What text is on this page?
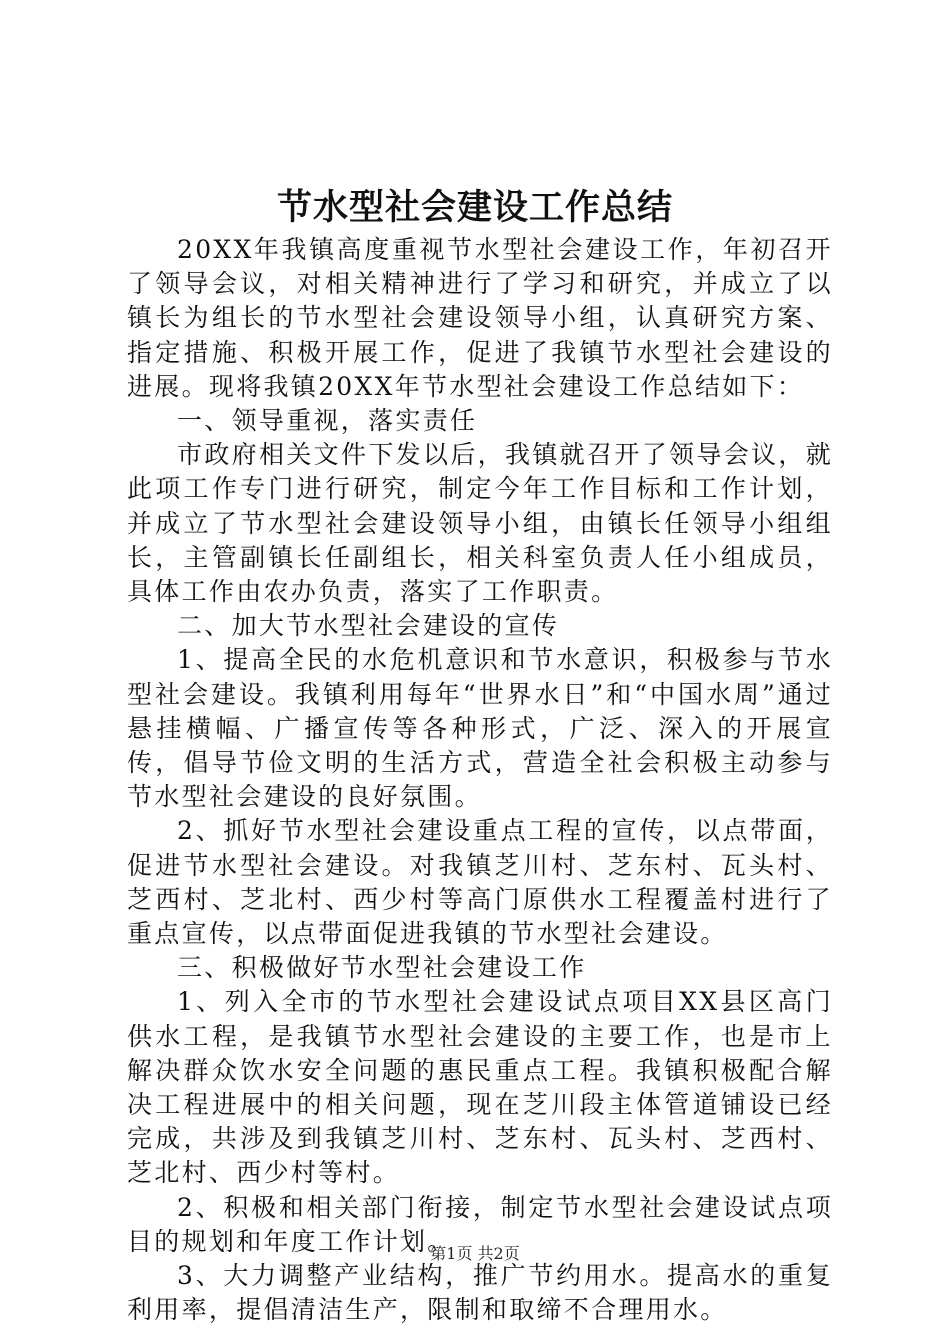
节水型社会建设工作总结

20XX年我镇高度重视节水型社会建设工作，年初召开了领导会议，对相关精神进行了学习和研究，并成立了以镇长为组长的节水型社会建设领导小组，认真研究方案、指定措施、积极开展工作，促进了我镇节水型社会建设的进展。现将我镇20XX年节水型社会建设工作总结如下：

一、领导重视，落实责任

市政府相关文件下发以后，我镇就召开了领导会议，就此项工作专门进行研究，制定今年工作目标和工作计划，并成立了节水型社会建设领导小组，由镇长任领导小组组长，主管副镇长任副组长，相关科室负责人任小组成员，具体工作由农办负责，落实了工作职责。

二、加大节水型社会建设的宣传

1、提高全民的水危机意识和节水意识，积极参与节水型社会建设。我镇利用每年“世界水日”和“中国水周”通过悬挂横幅、广播宣传等各种形式，广泛、深入的开展宣传，倡导节俭文明的生活方式，营造全社会积极主动参与节水型社会建设的良好氛围。

2、抓好节水型社会建设重点工程的宣传，以点带面，促进节水型社会建设。对我镇芝川村、芝东村、瓦头村、芝西村、芝北村、西少村等高门原供水工程覆盖村进行了重点宣传，以点带面促进我镇的节水型社会建设。

三、积极做好节水型社会建设工作

1、列入全市的节水型社会建设试点项目XX县区高门供水工程，是我镇节水型社会建设的主要工作，也是市上解决群众饮水安全问题的惠民重点工程。我镇积极配合解决工程进展中的相关问题，现在芝川段主体管道铺设已经完成，共涉及到我镇芝川村、芝东村、瓦头村、芝西村、芝北村、西少村等村。

2、积极和相关部门衔接，制定节水型社会建设试点项目的规划和年度工作计划。

3、大力调整产业结构，推广节约用水。提高水的重复利用率，提倡清洁生产，限制和取缔不合理用水。

第1页 共2页
